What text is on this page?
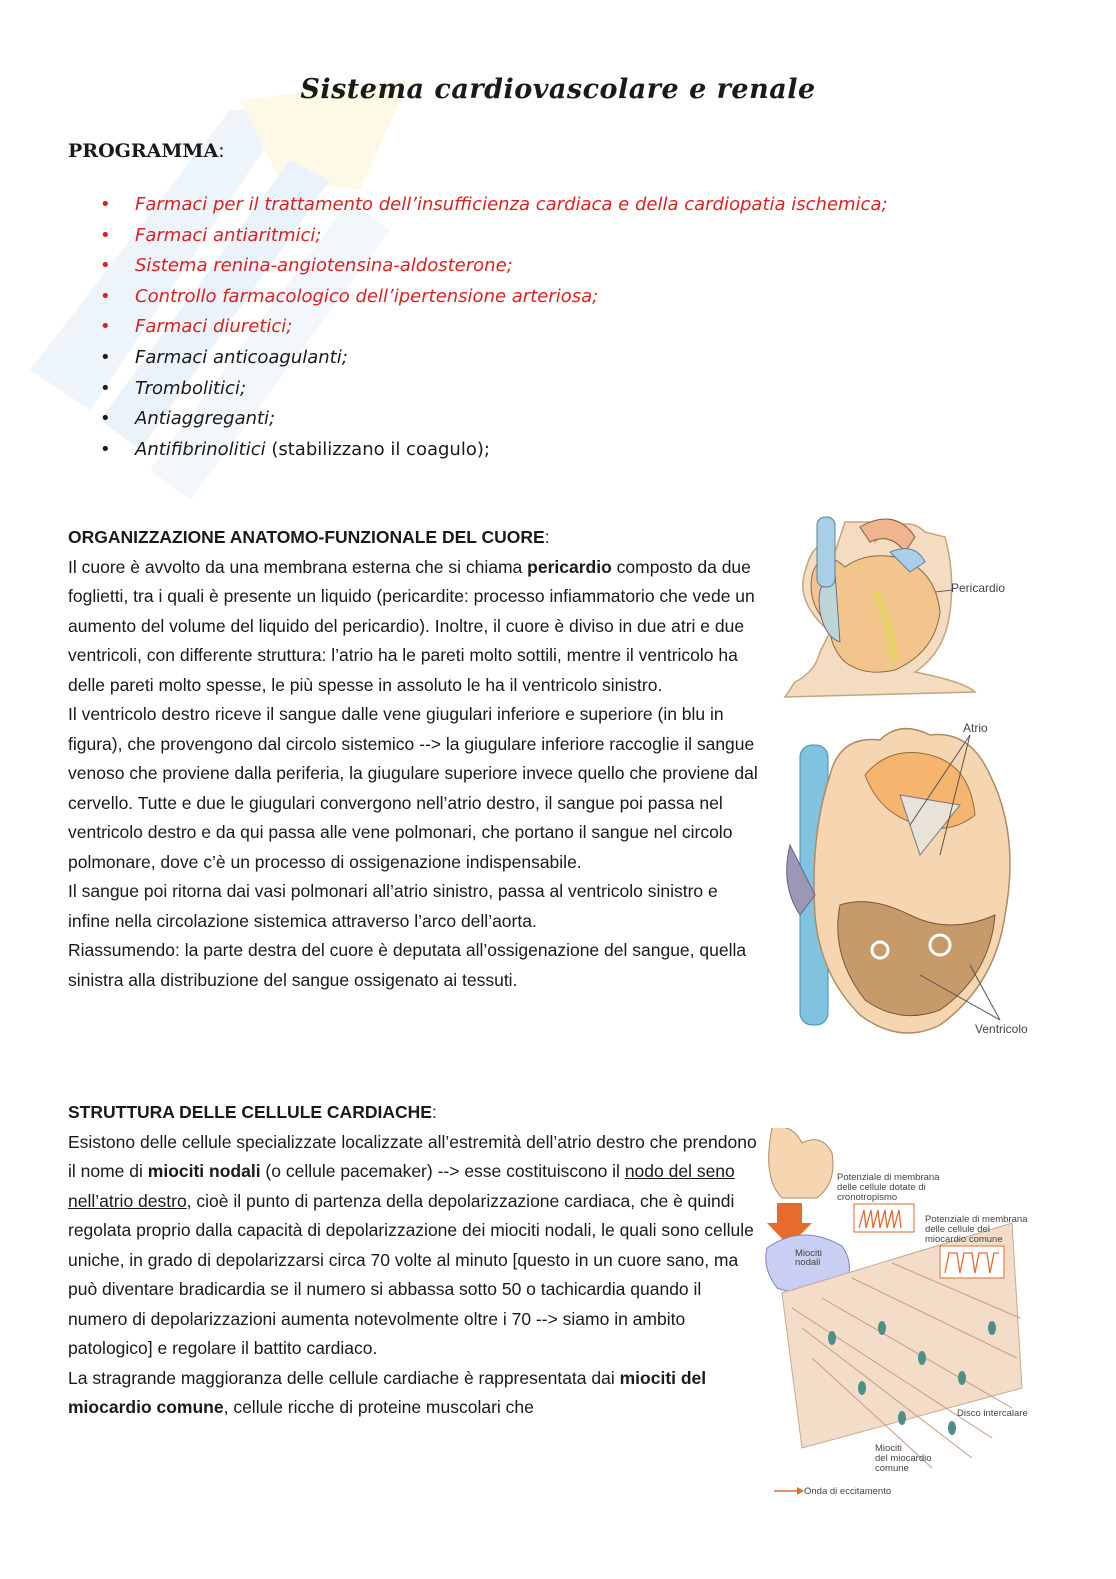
Sistema cardiovascolare e renale
PROGRAMMA:
• Farmaci per il trattamento dell’insufficienza cardiaca e della cardiopatia ischemica;
• Farmaci antiaritmici;
• Sistema renina-angiotensina-aldosterone;
• Controllo farmacologico dell’ipertensione arteriosa;
• Farmaci diuretici;
• Farmaci anticoagulanti;
• Trombolitici;
• Antiaggreganti;
• Antifibrinolitici (stabilizzano il coagulo);

ORGANIZZAZIONE ANATOMO-FUNZIONALE DEL CUORE:

Il cuore è avvolto da una membrana esterna che si chiama pericardio composto da due foglietti, tra i quali è presente un liquido (pericardite: processo infiammatorio che vede un aumento del volume del liquido del pericardio). Inoltre, il cuore è diviso in due atri e due ventricoli, con differente struttura: l’atrio ha le pareti molto sottili, mentre il ventricolo ha delle pareti molto spesse, le più spesse in assoluto le ha il ventricolo sinistro.

Il ventricolo destro riceve il sangue dalle vene giugulari inferiore e superiore (in blu in figura), che provengono dal circolo sistemico --> la giugulare inferiore raccoglie il sangue venoso che proviene dalla periferia, la giugulare superiore invece quello che proviene dal cervello. Tutte e due le giugulari convergono nell’atrio destro, il sangue poi passa nel ventricolo destro e da qui passa alle vene polmonari, che portano il sangue nel circolo polmonare, dove c’è un processo di ossigenazione indispensabile.

Il sangue poi ritorna dai vasi polmonari all’atrio sinistro, passa al ventricolo sinistro e infine nella circolazione sistemica attraverso l’arco dell’aorta.

Riassumendo: la parte destra del cuore è deputata all’ossigenazione del sangue, quella sinistra alla distribuzione del sangue ossigenato ai tessuti.

STRUTTURA DELLE CELLULE CARDIACHE:

Esistono delle cellule specializzate localizzate all’estremità dell’atrio destro che prendono il nome di miociti nodali (o cellule pacemaker) --> esse costituiscono il nodo del seno nell’atrio destro, cioè il punto di partenza della depolarizzazione cardiaca, che è quindi regolata proprio dalla capacità di depolarizzazione dei miociti nodali, le quali sono cellule uniche, in grado di depolarizzarsi circa 70 volte al minuto [questo in un cuore sano, ma può diventare bradicardia se il numero si abbassa sotto 50 o tachicardia quando il numero di depolarizzazioni aumenta notevolmente oltre i 70 --> siamo in ambito patologico] e regolare il battito cardiaco.

La stragrande maggioranza delle cellule cardiache è rappresentata dai miociti del miocardio comune, cellule ricche di proteine muscolari che

Pericardio
Atrio
Ventricolo
Potenziale di membrana
delle cellule dotate di
cronotropismo
Potenziale di membrana
delle cellule del
miocardio comune
Miociti
nodali
Disco intercalare
Miociti
del miocardio
comune
Onda di eccitamento
